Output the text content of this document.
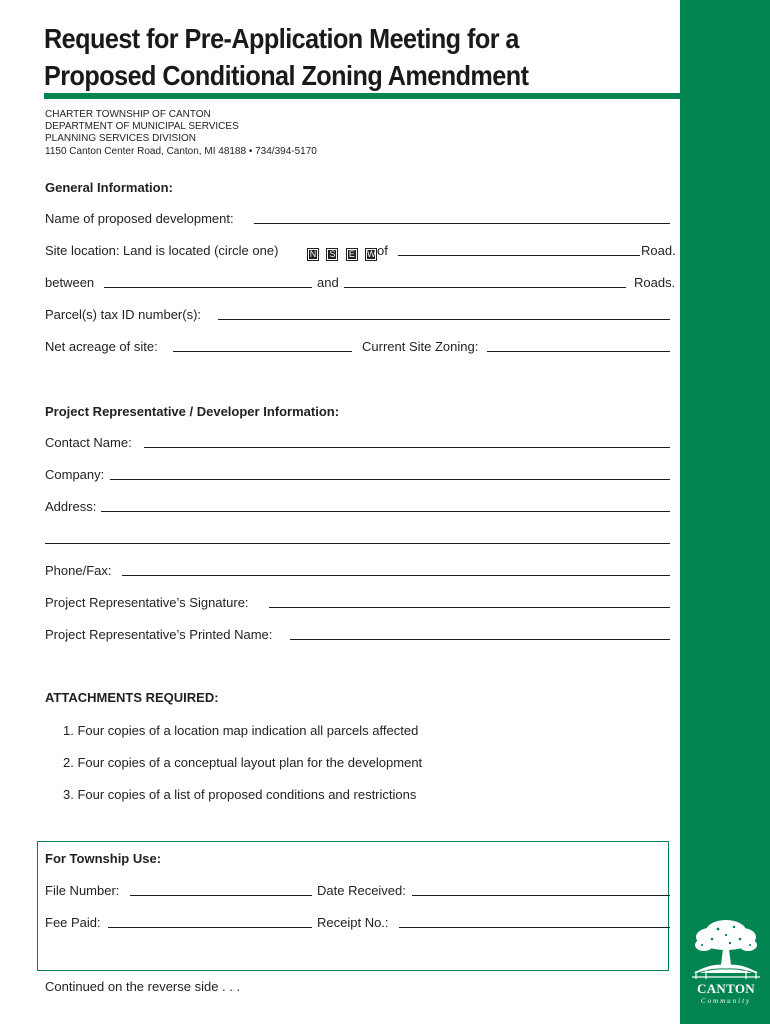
Request for Pre-Application Meeting for a
Proposed Conditional Zoning Amendment
CHARTER TOWNSHIP OF CANTON
DEPARTMENT OF MUNICIPAL SERVICES
PLANNING SERVICES DIVISION
1150 Canton Center Road, Canton, MI 48188 • 734/394-5170
General Information:
Name of proposed development:
Site location: Land is located (circle one)	N S E W of	Road.
between	and	Roads.
Parcel(s) tax ID number(s):
Net acreage of site:	Current Site Zoning:
Project Representative / Developer Information:
Contact Name:
Company:
Address:
Phone/Fax:
Project Representative’s Signature:
Project Representative’s Printed Name:
ATTACHMENTS REQUIRED:
1. Four copies of a location map indication all parcels affected
2. Four copies of a conceptual layout plan for the development
3. Four copies of a list of proposed conditions and restrictions
For Township Use:
File Number:	Date Received:
Fee Paid:	Receipt No.:
Continued on the reverse side . . .	CANTON
Community
